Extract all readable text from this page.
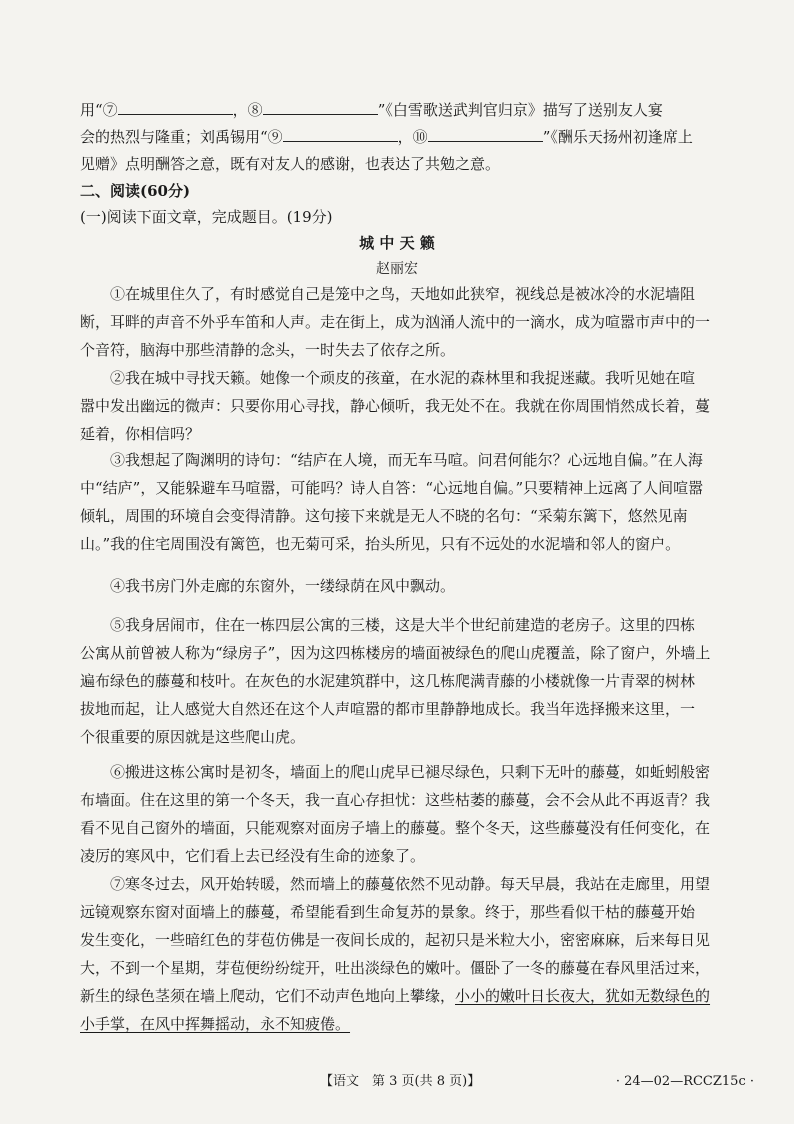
用“⑦	，⑧	”《白雪歌送武判官归京》描写了送别友人宴
会的热烈与隆重；刘禹锡用“⑨	，⑩	”《酬乐天扬州初逢席上
见赠》点明酬答之意，既有对友人的感谢，也表达了共勉之意。
二、阅读(60分)
(一)阅读下面文章，完成题目。(19分)
城 中 天 籁
赵丽宏
①在城里住久了，有时感觉自己是笼中之鸟，天地如此狭窄，视线总是被冰冷的水泥墙阻
断，耳畔的声音不外乎车笛和人声。走在街上，成为汹涌人流中的一滴水，成为喧嚣市声中的一
个音符，脑海中那些清静的念头，一时失去了依存之所。
②我在城中寻找天籁。她像一个顽皮的孩童，在水泥的森林里和我捉迷藏。我听见她在喧
嚣中发出幽远的微声：只要你用心寻找，静心倾听，我无处不在。我就在你周围悄然成长着，蔓
延着，你相信吗？
③我想起了陶渊明的诗句：“结庐在人境，而无车马喧。问君何能尔？心远地自偏。”在人海
中“结庐”，又能躲避车马喧嚣，可能吗？诗人自答：“心远地自偏。”只要精神上远离了人间喧嚣
倾轧，周围的环境自会变得清静。这句接下来就是无人不晓的名句：“采菊东篱下，悠然见南
山。”我的住宅周围没有篱笆，也无菊可采，抬头所见，只有不远处的水泥墙和邻人的窗户。
④我书房门外走廊的东窗外，一缕绿荫在风中飘动。
⑤我身居闹市，住在一栋四层公寓的三楼，这是大半个世纪前建造的老房子。这里的四栋
公寓从前曾被人称为“绿房子”，因为这四栋楼房的墙面被绿色的爬山虎覆盖，除了窗户，外墙上
遍布绿色的藤蔓和枝叶。在灰色的水泥建筑群中，这几栋爬满青藤的小楼就像一片青翠的树林
拔地而起，让人感觉大自然还在这个人声喧嚣的都市里静静地成长。我当年选择搬来这里，一
个很重要的原因就是这些爬山虎。
⑥搬进这栋公寓时是初冬，墙面上的爬山虎早已褪尽绿色，只剩下无叶的藤蔓，如蚯蚓般密
布墙面。住在这里的第一个冬天，我一直心存担忧：这些枯萎的藤蔓，会不会从此不再返青？我
看不见自己窗外的墙面，只能观察对面房子墙上的藤蔓。整个冬天，这些藤蔓没有任何变化，在
凌厉的寒风中，它们看上去已经没有生命的迹象了。
⑦寒冬过去，风开始转暖，然而墙上的藤蔓依然不见动静。每天早晨，我站在走廊里，用望
远镜观察东窗对面墙上的藤蔓，希望能看到生命复苏的景象。终于，那些看似干枯的藤蔓开始
发生变化，一些暗红色的芽苞仿佛是一夜间长成的，起初只是米粒大小，密密麻麻，后来每日见
大，不到一个星期，芽苞便纷纷绽开，吐出淡绿色的嫩叶。僵卧了一冬的藤蔓在春风里活过来，
新生的绿色茎须在墙上爬动，它们不动声色地向上攀缘，小小的嫩叶日长夜大，犹如无数绿色的
小手掌，在风中挥舞摇动，永不知疲倦。
【语文　第 3 页(共 8 页)】	· 24—02—RCCZ15c ·
